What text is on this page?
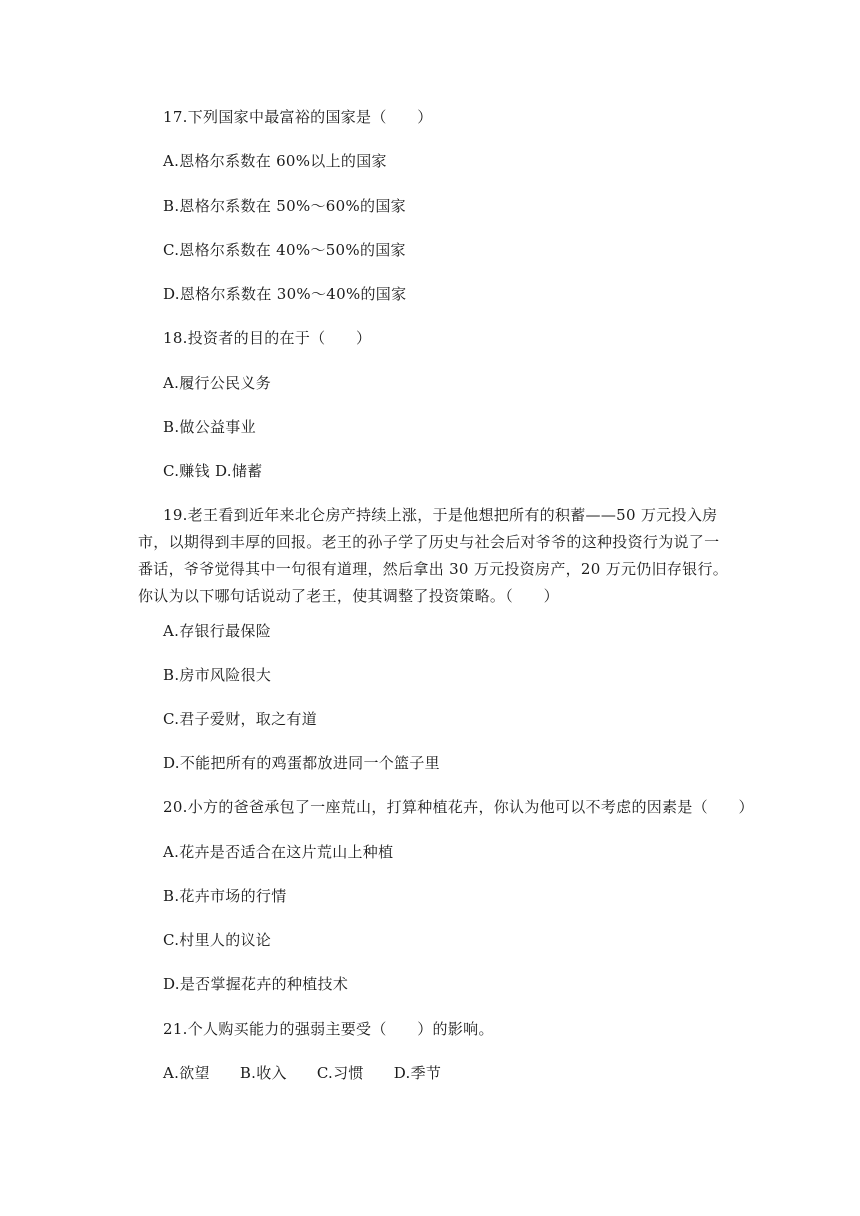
17.下列国家中最富裕的国家是（　　）
A.恩格尔系数在 60%以上的国家
B.恩格尔系数在 50%～60%的国家
C.恩格尔系数在 40%～50%的国家
D.恩格尔系数在 30%～40%的国家
18.投资者的目的在于（　　）
A.履行公民义务
B.做公益事业
C.赚钱 D.储蓄
19.老王看到近年来北仑房产持续上涨，于是他想把所有的积蓄——50 万元投入房市，以期得到丰厚的回报。老王的孙子学了历史与社会后对爷爷的这种投资行为说了一番话，爷爷觉得其中一句很有道理，然后拿出 30 万元投资房产，20 万元仍旧存银行。你认为以下哪句话说动了老王，使其调整了投资策略。（　　）
A.存银行最保险
B.房市风险很大
C.君子爱财，取之有道
D.不能把所有的鸡蛋都放进同一个篮子里
20.小方的爸爸承包了一座荒山，打算种植花卉，你认为他可以不考虑的因素是（　　）
A.花卉是否适合在这片荒山上种植
B.花卉市场的行情
C.村里人的议论
D.是否掌握花卉的种植技术
21.个人购买能力的强弱主要受（　　）的影响。
A.欲望 B.收入 C.习惯 D.季节
